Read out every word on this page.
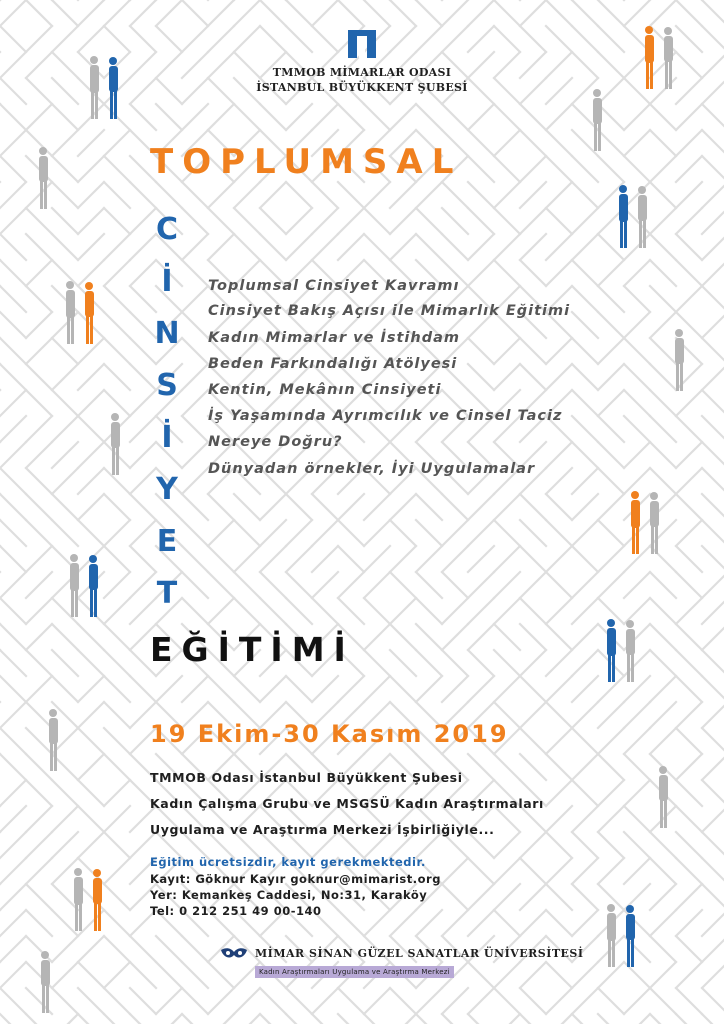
TMMOB MİMARLAR ODASI
İSTANBUL BÜYÜKKENT ŞUBESİ
TOPLUMSAL
C
İ
N
S
İ
Y
E
T
EĞİTİMİ
Toplumsal Cinsiyet Kavramı
Cinsiyet Bakış Açısı ile Mimarlık Eğitimi
Kadın Mimarlar ve İstihdam
Beden Farkındalığı Atölyesi
Kentin, Mekânın Cinsiyeti
İş Yaşamında Ayrımcılık ve Cinsel Taciz
Nereye Doğru?
Dünyadan örnekler, İyi Uygulamalar
19 Ekim-30 Kasım 2019
TMMOB Odası İstanbul Büyükkent Şubesi
Kadın Çalışma Grubu ve MSGSÜ Kadın Araştırmaları
Uygulama ve Araştırma Merkezi İşbirliğiyle...
Eğitim ücretsizdir, kayıt gerekmektedir.
Kayıt: Göknur Kayır goknur@mimarist.org
Yer: Kemankeş Caddesi, No:31, Karaköy
Tel: 0 212 251 49 00-140
MİMAR SİNAN GÜZEL SANATLAR ÜNİVERSİTESİ
Kadın Araştırmaları Uygulama ve Araştırma Merkezi
